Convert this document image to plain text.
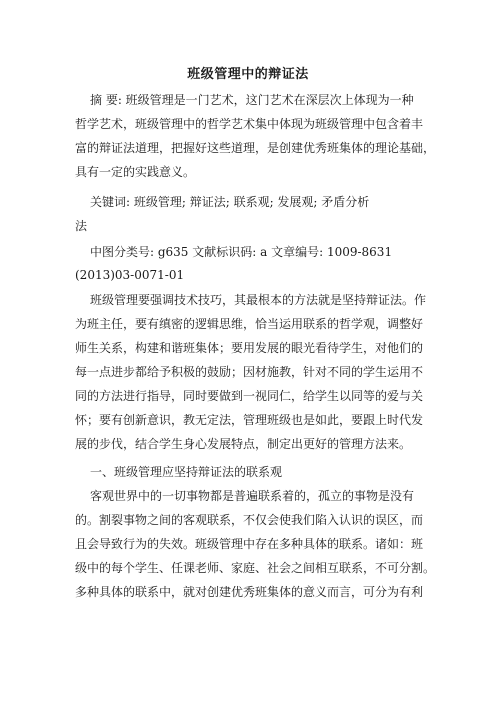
班级管理中的辩证法
摘 要: 班级管理是一门艺术，这门艺术在深层次上体现为一种
哲学艺术，班级管理中的哲学艺术集中体现为班级管理中包含着丰
富的辩证法道理，把握好这些道理，是创建优秀班集体的理论基础，
具有一定的实践意义。
关键词: 班级管理; 辩证法; 联系观; 发展观; 矛盾分析
法
中图分类号: g635 文献标识码: a 文章编号: 1009-8631
(2013)03-0071-01
班级管理要强调技术技巧，其最根本的方法就是坚持辩证法。作
为班主任，要有缜密的逻辑思维，恰当运用联系的哲学观，调整好
师生关系，构建和谐班集体；要用发展的眼光看待学生，对他们的
每一点进步都给予积极的鼓励；因材施教，针对不同的学生运用不
同的方法进行指导，同时要做到一视同仁，给学生以同等的爱与关
怀；要有创新意识，教无定法，管理班级也是如此，要跟上时代发
展的步伐，结合学生身心发展特点，制定出更好的管理方法来。
一、班级管理应坚持辩证法的联系观
客观世界中的一切事物都是普遍联系着的，孤立的事物是没有
的。割裂事物之间的客观联系，不仅会使我们陷入认识的误区，而
且会导致行为的失效。班级管理中存在多种具体的联系。诸如：班
级中的每个学生、任课老师、家庭、社会之间相互联系，不可分割。
多种具体的联系中，就对创建优秀班集体的意义而言，可分为有利
